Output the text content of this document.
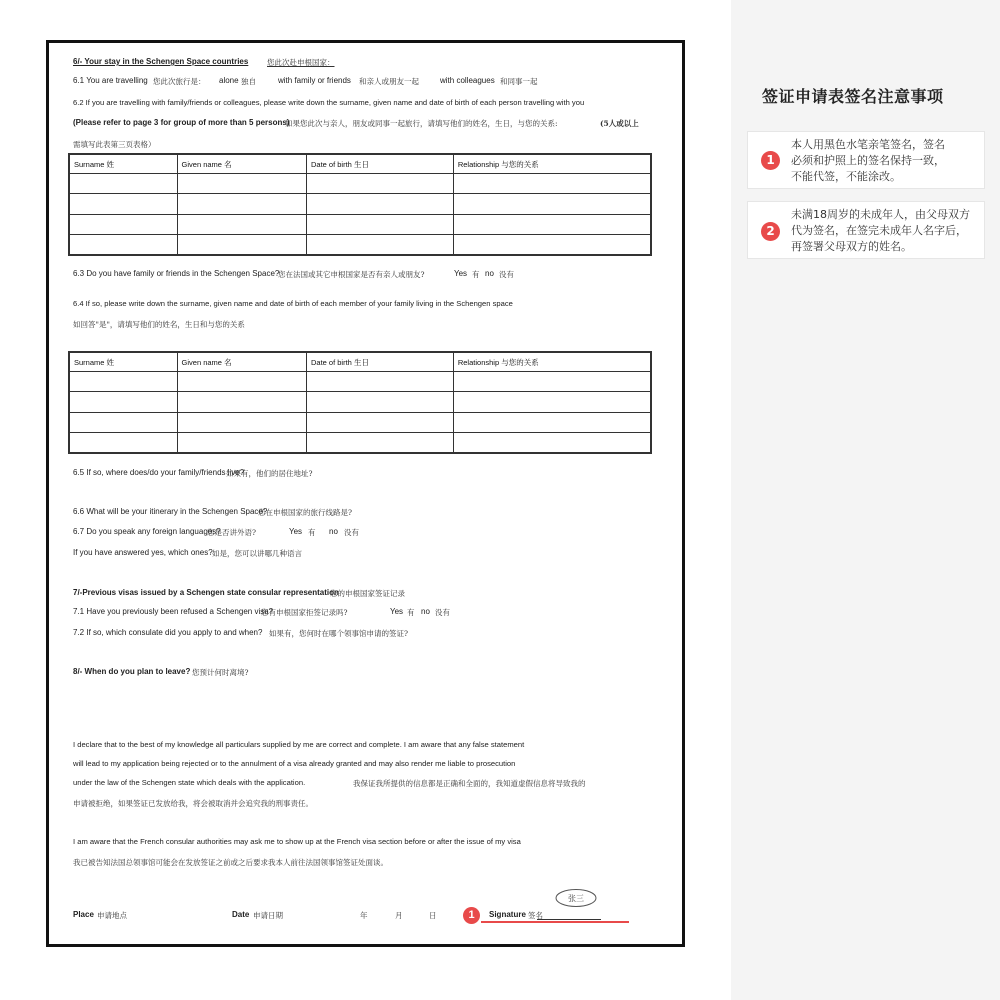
签证申请表签名注意事项
1
本人用黑色水笔亲笔签名，签名
必须和护照上的签名保持一致，
不能代签，不能涂改。
2
未满18周岁的未成年人，由父母双方
代为签名，在签完未成年人名字后，
再签署父母双方的姓名。
6/- Your stay in the Schengen Space countries 您此次赴申根国家：
6.1 You are travelling 您此次旅行是： alone 独自	with family or friends 和亲人或朋友一起	with colleagues 和同事一起
6.2 If you are travelling with family/friends or colleagues, please write down the surname, given name and date of birth of each person travelling with you
(Please refer to page 3 for group of more than 5 persons)
如果您此次与亲人，朋友或同事一起旅行，请填写他们的姓名，生日，与您的关系:	(5人或以上
需填写此表第三页表格）
Surname 姓	Given name 名	Date of birth 生日	Relationship 与您的关系

6.3 Do you have family or friends in the Schengen Space?
您在法国或其它申根国家是否有亲人或朋友?	Yes 有 no 没有
6.4 If so, please write down the surname, given name and date of birth of each member of your family living in the Schengen space
如回答"是"，请填写他们的姓名，生日和与您的关系
Surname 姓	Given name 名	Date of birth 生日	Relationship 与您的关系

6.5 If so, where does/do your family/friends live?
如果有，他们的居住地址?
6.6 What will be your itinerary in the Schengen Space?
您在申根国家的旅行线路是?
6.7 Do you speak any foreign languages?
您是否讲外语?	Yes 有 no 没有
If you have answered yes, which ones? 如是，您可以讲哪几种语言
7/-Previous visas issued by a Schengen state consular representation
您的申根国家签证记录
7.1 Have you previously been refused a Schengen visa?
您有申根国家拒签记录吗?	Yes 有 no 没有
7.2 If so, which consulate did you apply to and when? 如果有，您何时在哪个领事馆申请的签证?
8/- When do you plan to leave? 您预计何时离境?
I declare that to the best of my knowledge all particulars supplied by me are correct and complete. I am aware that any false statement
will lead to my application being rejected or to the annulment of a visa already granted and may also render me liable to prosecution
under the law of the Schengen state which deals with the application.	我保证我所提供的信息都是正确和全面的，我知道虚假信息将导致我的
申请被拒绝，如果签证已发放给我，将会被取消并会追究我的刑事责任。
I am aware that the French consular authorities may ask me to show up at the French visa section before or after the issue of my visa
我已被告知法国总领事馆可能会在发放签证之前或之后要求我本人前往法国领事馆签证处面谈。
Place 申请地点	Date 申请日期	年	月	日	1	Signature 签名
张三
